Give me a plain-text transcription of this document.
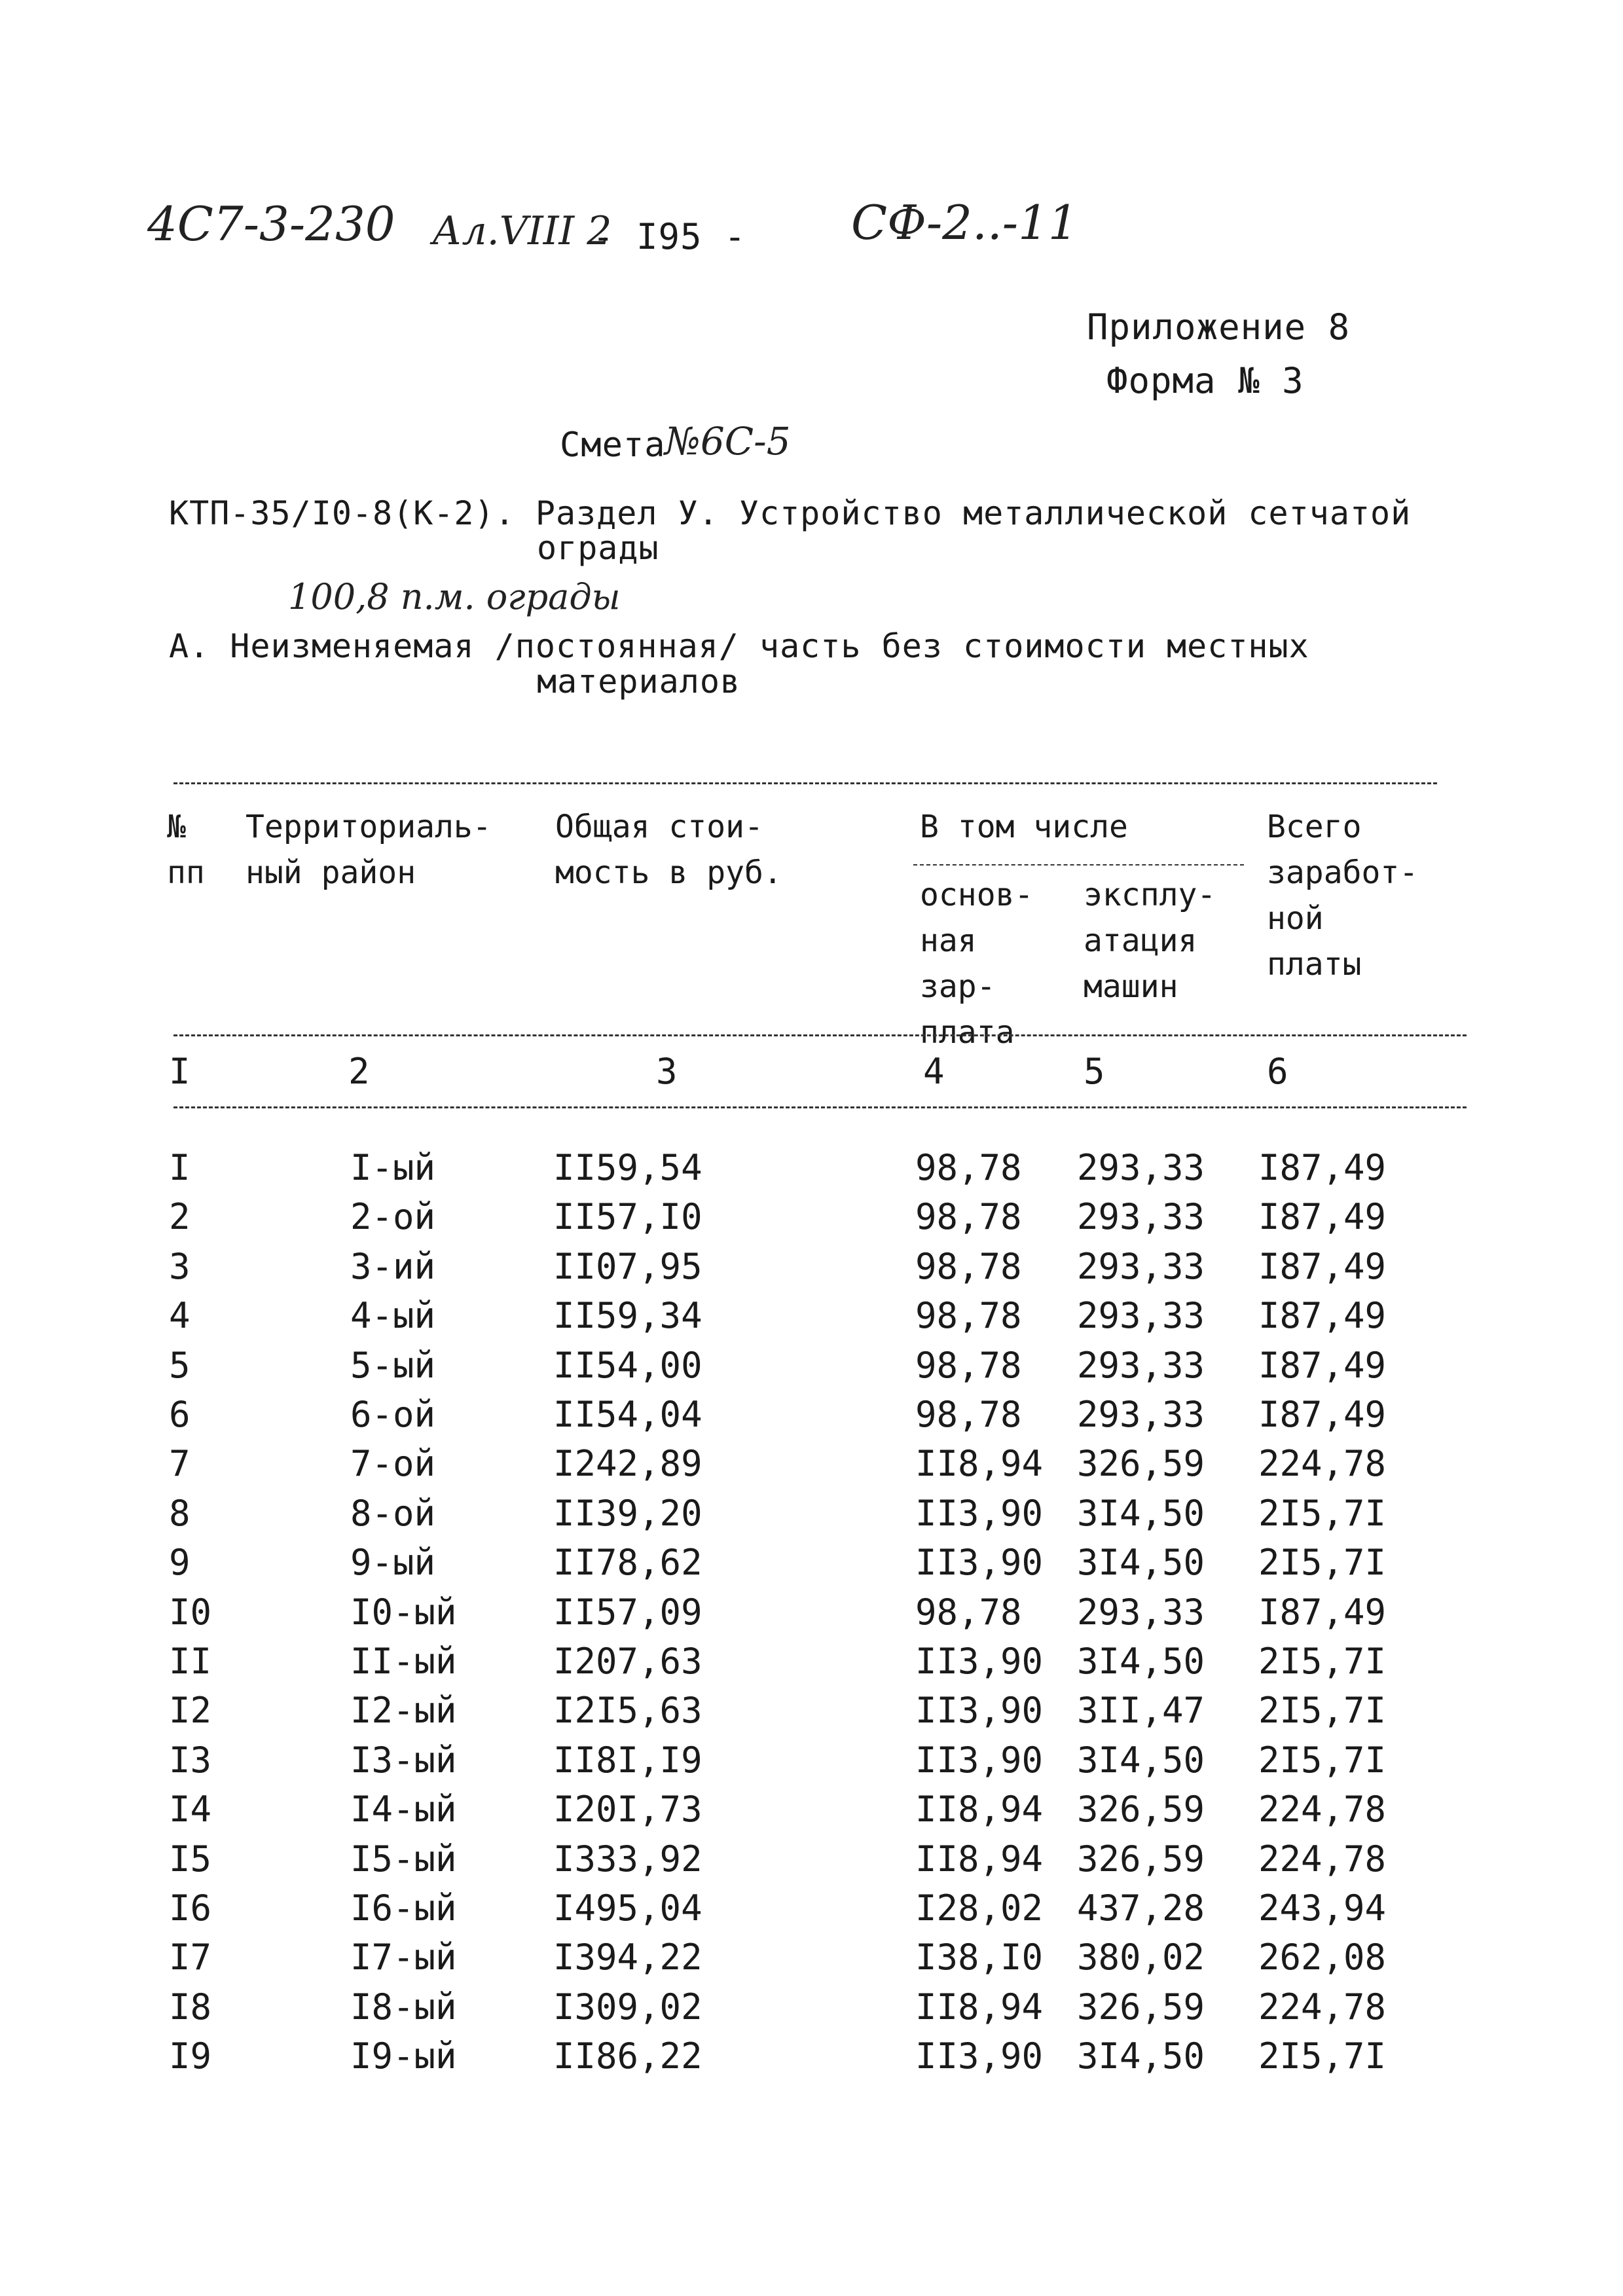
4С7-3-230 Ал.VIII 2
- I95 - СФ-2..-11
Приложение 8
Форма № 3
Смета
№6С-5
КТП-35/I0-8(К-2). Раздел У. Устройство металлической сетчатой
ограды
100,8 п.м. ограды
А. Неизменяемая /постоянная/ часть без стоимости местных
материалов
№
пп
Территориаль-
ный район
Общая стои-
мость в руб.
В том числе
основ-
ная
зар-
плата
эксплу-
атация
машин
Всего
заработ-
ной
платы
I	2	3	4	5	6
I	I-ый	II59,54	98,78 293,33 I87,49
2	2-ой	II57,I0	98,78 293,33 I87,49
3	3-ий	II07,95	98,78 293,33 I87,49
4	4-ый	II59,34	98,78 293,33 I87,49
5	5-ый	II54,00	98,78 293,33 I87,49
6	6-ой	II54,04	98,78 293,33 I87,49
7	7-ой	I242,89	II8,94 326,59 224,78
8	8-ой	II39,20	II3,90 3I4,50 2I5,7I
9	9-ый	II78,62	II3,90 3I4,50 2I5,7I
I0	I0-ый	II57,09	98,78 293,33 I87,49
II	II-ый	I207,63	II3,90 3I4,50 2I5,7I
I2	I2-ый	I2I5,63	II3,90 3II,47 2I5,7I
I3	I3-ый	II8I,I9	II3,90 3I4,50 2I5,7I
I4	I4-ый	I20I,73	II8,94 326,59 224,78
I5	I5-ый	I333,92	II8,94 326,59 224,78
I6	I6-ый	I495,04	I28,02 437,28 243,94
I7	I7-ый	I394,22	I38,I0 380,02 262,08
I8	I8-ый	I309,02	II8,94 326,59 224,78
I9	I9-ый	II86,22	II3,90 3I4,50 2I5,7I
